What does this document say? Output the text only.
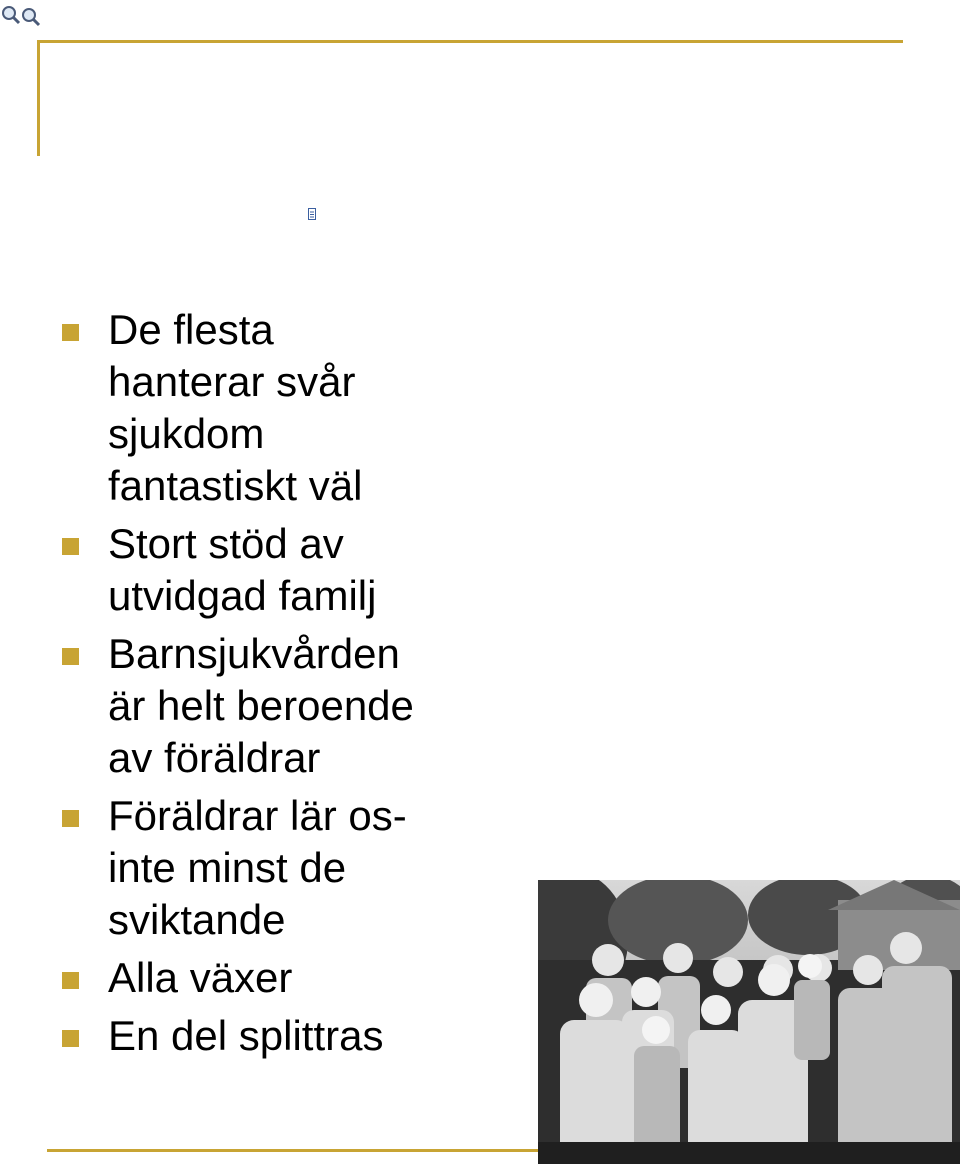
De flesta
hanterar svår
sjukdom
fantastiskt väl
Stort stöd av
utvidgad familj
Barnsjukvården
är helt beroende
av föräldrar
Föräldrar lär os-
inte minst de
sviktande
Alla växer
En del splittras
